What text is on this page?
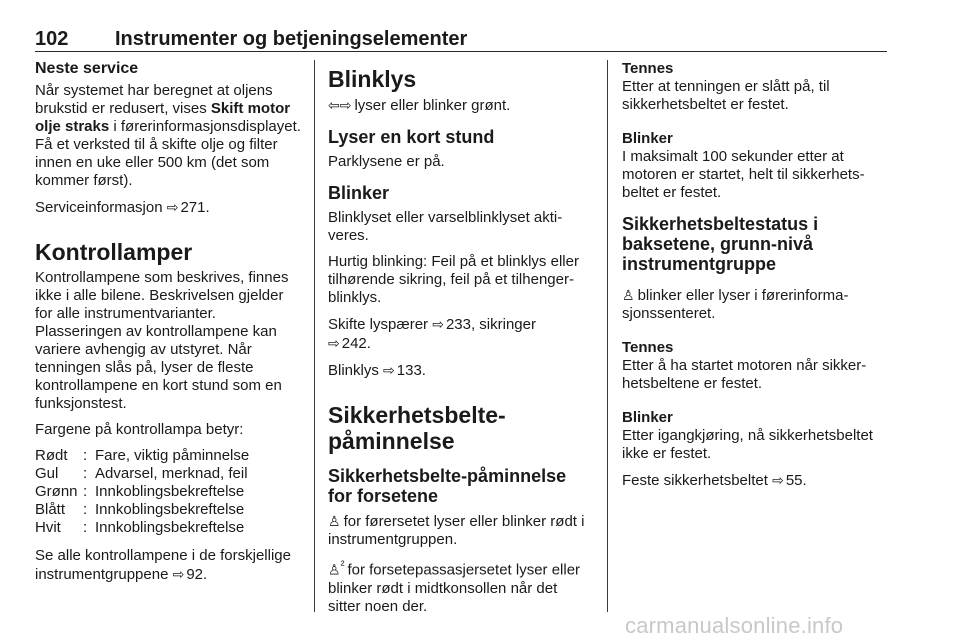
102 Instrumenter og betjeningselementer
Neste service

Når systemet har beregnet at oljens brukstid er redusert, vises Skift motor olje straks i førerinformasjonsdisplayet. Få et verksted til å skifte olje og filter innen en uke eller 500 km (det som kommer først).

Serviceinformasjon ⇨ 271.

Kontrollamper

Kontrollampene som beskrives, finnes ikke i alle bilene. Beskrivelsen gjelder for alle instrumentvarianter. Plasseringen av kontrollampene kan variere avhengig av utstyret. Når tenningen slås på, lyser de fleste kontrollampene en kort stund som en funksjonstest.

Fargene på kontrollampa betyr:

Rødt	:	Fare, viktig påminnelse
Gul	:	Advarsel, merknad, feil
Grønn	:	Innkoblingsbekreftelse
Blått	:	Innkoblingsbekreftelse
Hvit	:	Innkoblingsbekreftelse

Se alle kontrollampene i de forskjellige instrumentgruppene ⇨ 92.

Blinklys

⇦⇨ lyser eller blinker grønt.

Lyser en kort stund

Parklysene er på.

Blinker

Blinklyset eller varselblinklyset aktiveres.

Hurtig blinking: Feil på et blinklys eller tilhørende sikring, feil på et tilhengerblinklys.

Skifte lyspærer ⇨ 233, sikringer
⇨ 242.

Blinklys ⇨ 133.

Sikkerhetsbelte-
påminnelse
Sikkerhetsbelte-påminnelse for forsetene

♙ for førersetet lyser eller blinker rødt i instrumentgruppen.

♙$^{^2}$ for forsetepassasjersetet lyser eller blinker rødt i midtkonsollen når det sitter noen der.

Tennes

Etter at tenningen er slått på, til sikkerhetsbeltet er festet.

Blinker

I maksimalt 100 sekunder etter at motoren er startet, helt til sikkerhetsbeltet er festet.

Sikkerhetsbeltestatus i baksetene, grunn-nivå instrumentgruppe

♙ blinker eller lyser i førerinformasjonssenteret.

Tennes

Etter å ha startet motoren når sikkerhetsbeltene er festet.

Blinker

Etter igangkjøring, nå sikkerhetsbeltet ikke er festet.

Feste sikkerhetsbeltet ⇨ 55.

carmanualsonline.info
